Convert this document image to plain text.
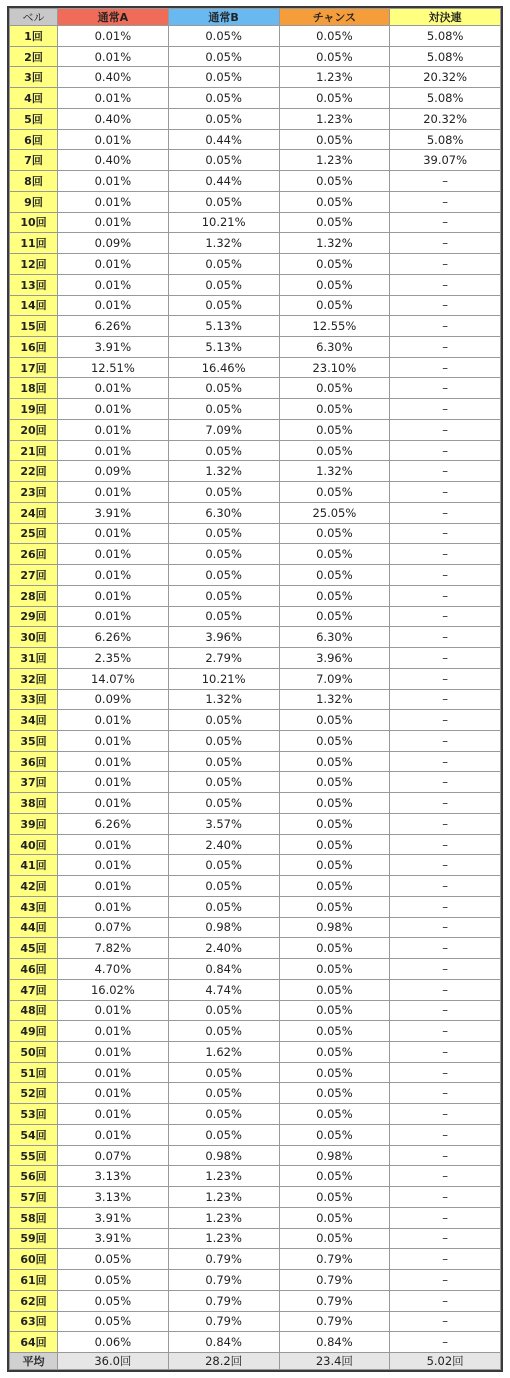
ベル	通常A	通常B	チャンス	対決連
1回	0.01%	0.05%	0.05%	5.08%
2回	0.01%	0.05%	0.05%	5.08%
3回	0.40%	0.05%	1.23%	20.32%
4回	0.01%	0.05%	0.05%	5.08%
5回	0.40%	0.05%	1.23%	20.32%
6回	0.01%	0.44%	0.05%	5.08%
7回	0.40%	0.05%	1.23%	39.07%
8回	0.01%	0.44%	0.05%	–
9回	0.01%	0.05%	0.05%	–
10回	0.01%	10.21%	0.05%	–
11回	0.09%	1.32%	1.32%	–
12回	0.01%	0.05%	0.05%	–
13回	0.01%	0.05%	0.05%	–
14回	0.01%	0.05%	0.05%	–
15回	6.26%	5.13%	12.55%	–
16回	3.91%	5.13%	6.30%	–
17回	12.51%	16.46%	23.10%	–
18回	0.01%	0.05%	0.05%	–
19回	0.01%	0.05%	0.05%	–
20回	0.01%	7.09%	0.05%	–
21回	0.01%	0.05%	0.05%	–
22回	0.09%	1.32%	1.32%	–
23回	0.01%	0.05%	0.05%	–
24回	3.91%	6.30%	25.05%	–
25回	0.01%	0.05%	0.05%	–
26回	0.01%	0.05%	0.05%	–
27回	0.01%	0.05%	0.05%	–
28回	0.01%	0.05%	0.05%	–
29回	0.01%	0.05%	0.05%	–
30回	6.26%	3.96%	6.30%	–
31回	2.35%	2.79%	3.96%	–
32回	14.07%	10.21%	7.09%	–
33回	0.09%	1.32%	1.32%	–
34回	0.01%	0.05%	0.05%	–
35回	0.01%	0.05%	0.05%	–
36回	0.01%	0.05%	0.05%	–
37回	0.01%	0.05%	0.05%	–
38回	0.01%	0.05%	0.05%	–
39回	6.26%	3.57%	0.05%	–
40回	0.01%	2.40%	0.05%	–
41回	0.01%	0.05%	0.05%	–
42回	0.01%	0.05%	0.05%	–
43回	0.01%	0.05%	0.05%	–
44回	0.07%	0.98%	0.98%	–
45回	7.82%	2.40%	0.05%	–
46回	4.70%	0.84%	0.05%	–
47回	16.02%	4.74%	0.05%	–
48回	0.01%	0.05%	0.05%	–
49回	0.01%	0.05%	0.05%	–
50回	0.01%	1.62%	0.05%	–
51回	0.01%	0.05%	0.05%	–
52回	0.01%	0.05%	0.05%	–
53回	0.01%	0.05%	0.05%	–
54回	0.01%	0.05%	0.05%	–
55回	0.07%	0.98%	0.98%	–
56回	3.13%	1.23%	0.05%	–
57回	3.13%	1.23%	0.05%	–
58回	3.91%	1.23%	0.05%	–
59回	3.91%	1.23%	0.05%	–
60回	0.05%	0.79%	0.79%	–
61回	0.05%	0.79%	0.79%	–
62回	0.05%	0.79%	0.79%	–
63回	0.05%	0.79%	0.79%	–
64回	0.06%	0.84%	0.84%	–
平均	36.0回	28.2回	23.4回	5.02回
